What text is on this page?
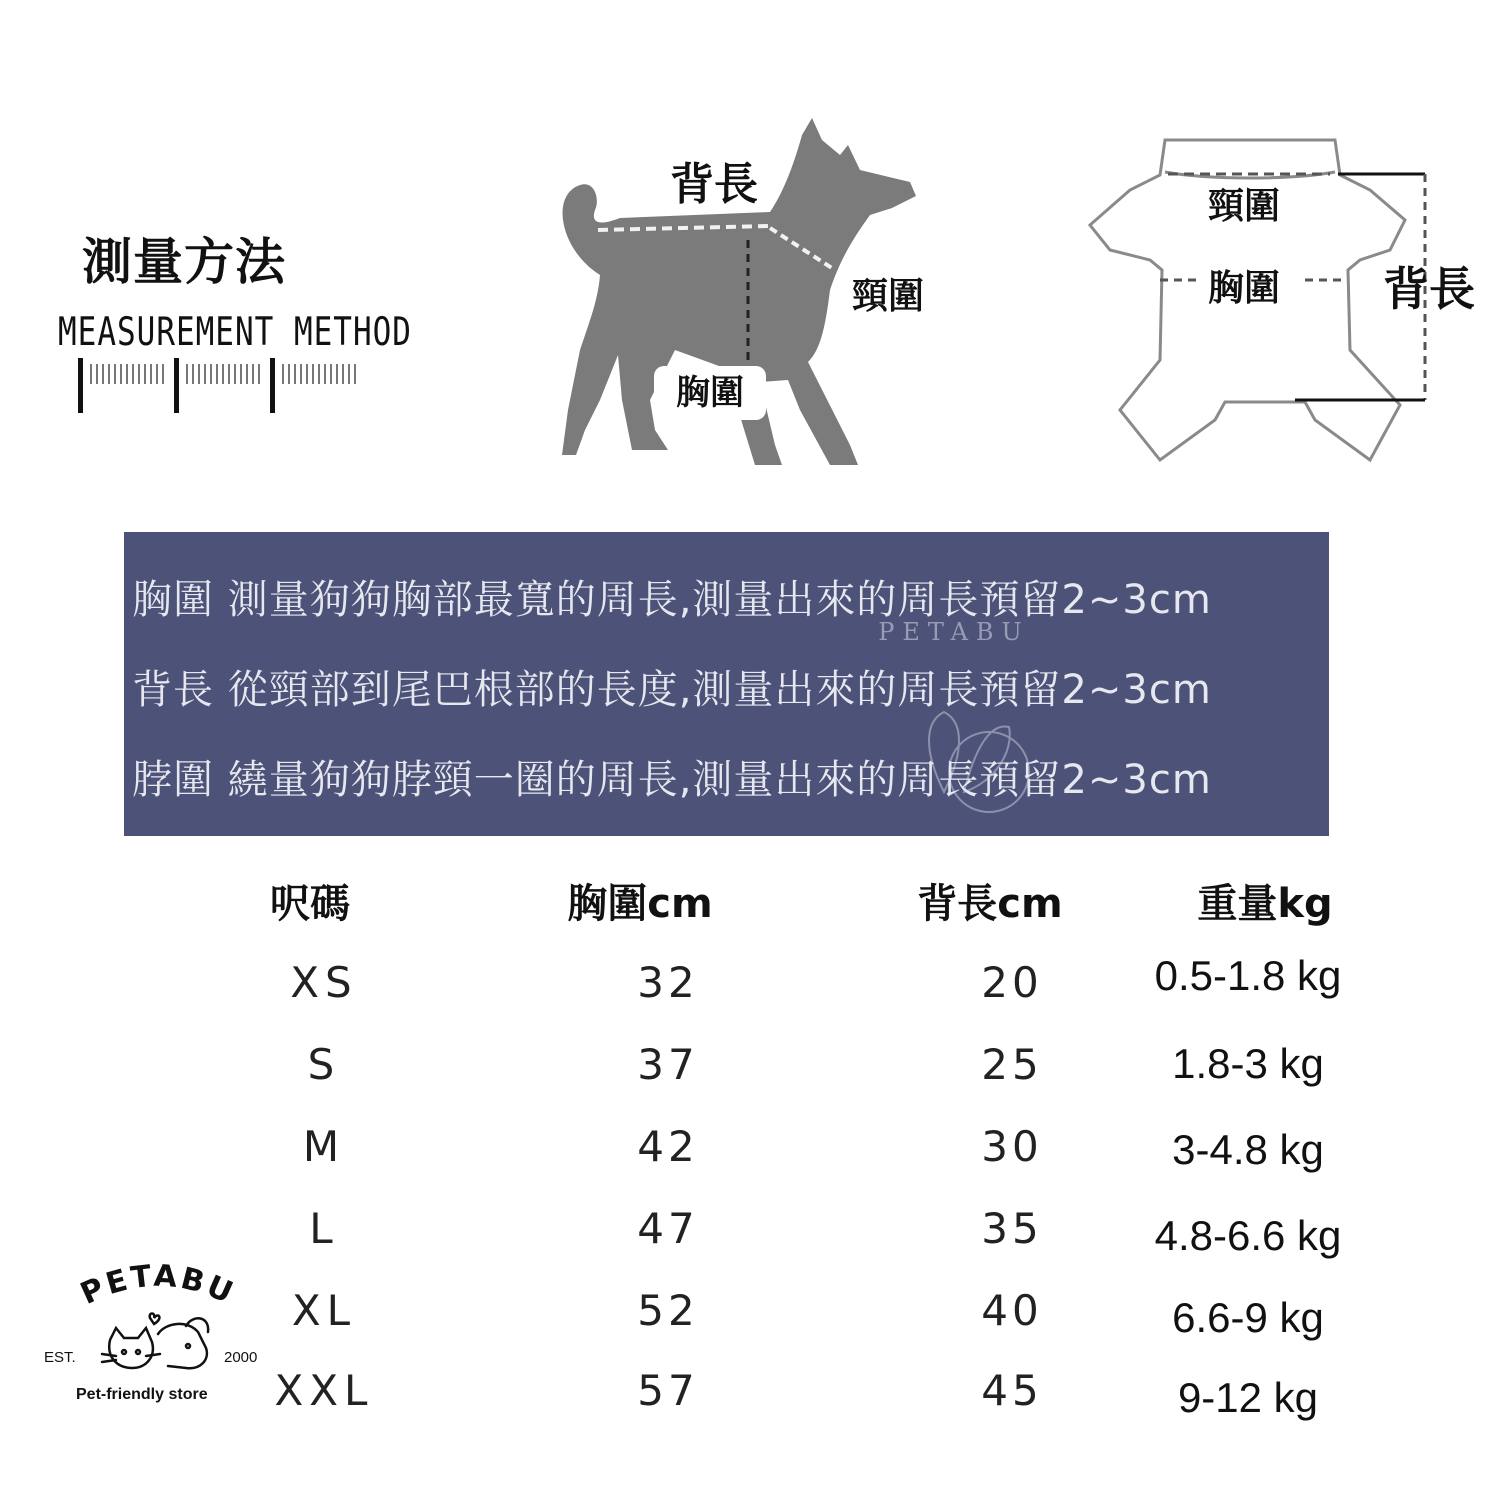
測量方法
MEASUREMENT METHOD
背長
頸圍
胸圍
頸圍
胸圍 背長
PETABU
胸圍 測量狗狗胸部最寬的周長,測量出來的周長預留2~3cm
背長 從頸部到尾巴根部的長度,測量出來的周長預留2~3cm
脖圍 繞量狗狗脖頸一圈的周長,測量出來的周長預留2~3cm
呎碼	胸圍cm	背長cm	重量kg
XS	32	20	0.5-1.8 kg
S	37	25	1.8-3 kg
M	42	30	3-4.8 kg
L	47	35	4.8-6.6 kg
XL	52	40	6.6-9 kg
XXL	57	45	9-12 kg
PETABU
EST.	2000
Pet-friendly store
